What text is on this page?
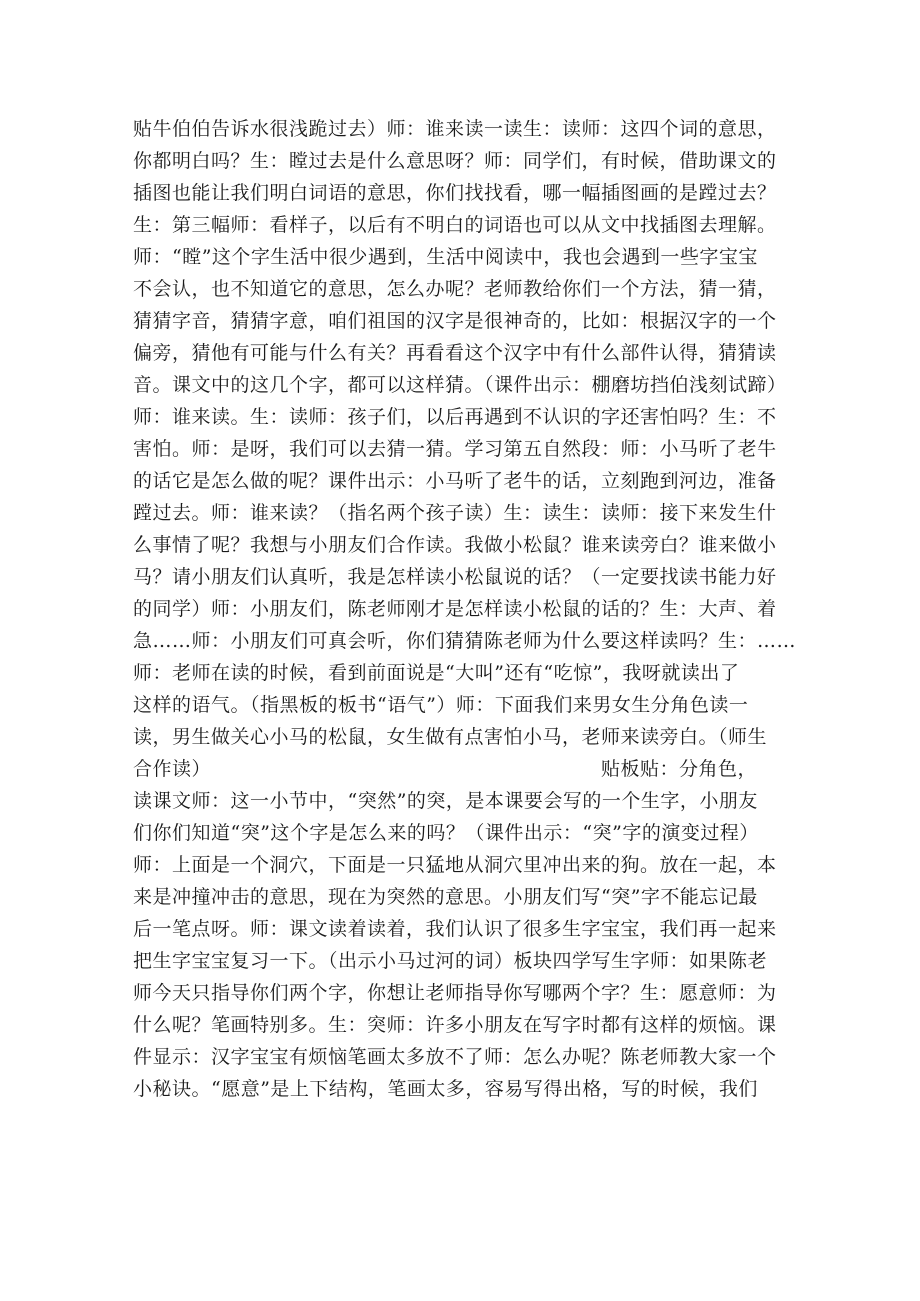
贴牛伯伯告诉水很浅跪过去）师：谁来读一读生：读师：这四个词的意思，
你都明白吗？生：瞠过去是什么意思呀？师：同学们，有时候，借助课文的
插图也能让我们明白词语的意思，你们找找看，哪一幅插图画的是蹚过去？
生：第三幅师：看样子，以后有不明白的词语也可以从文中找插图去理解。
师：“瞠”这个字生活中很少遇到，生活中阅读中，我也会遇到一些字宝宝
不会认，也不知道它的意思，怎么办呢？老师教给你们一个方法，猜一猜，
猜猜字音，猜猜字意，咱们祖国的汉字是很神奇的，比如：根据汉字的一个
偏旁，猜他有可能与什么有关？再看看这个汉字中有什么部件认得，猜猜读
音。课文中的这几个字，都可以这样猜。（课件出示：棚磨坊挡伯浅刻试蹄）
师：谁来读。生：读师：孩子们，以后再遇到不认识的字还害怕吗？生：不
害怕。师：是呀，我们可以去猜一猜。学习第五自然段：师：小马听了老牛
的话它是怎么做的呢？课件出示：小马听了老牛的话，立刻跑到河边，准备
蹚过去。师：谁来读？（指名两个孩子读）生：读生：读师：接下来发生什
么事情了呢？我想与小朋友们合作读。我做小松鼠？谁来读旁白？谁来做小
马？请小朋友们认真听，我是怎样读小松鼠说的话？（一定要找读书能力好
的同学）师：小朋友们，陈老师刚才是怎样读小松鼠的话的？生：大声、着
急……师：小朋友们可真会听，你们猜猜陈老师为什么要这样读吗？生：……
师：老师在读的时候，看到前面说是“大叫”还有“吃惊”，我呀就读出了
这样的语气。（指黑板的板书“语气”）师：下面我们来男女生分角色读一
读，男生做关心小马的松鼠，女生做有点害怕小马，老师来读旁白。（师生
合作读）	贴板贴：分角色，
读课文师：这一小节中，“突然”的突，是本课要会写的一个生字，小朋友
们你们知道“突”这个字是怎么来的吗？（课件出示：“突”字的演变过程）
师：上面是一个洞穴，下面是一只猛地从洞穴里冲出来的狗。放在一起，本
来是冲撞冲击的意思，现在为突然的意思。小朋友们写“突”字不能忘记最
后一笔点呀。师：课文读着读着，我们认识了很多生字宝宝，我们再一起来
把生字宝宝复习一下。（出示小马过河的词）板块四学写生字师：如果陈老
师今天只指导你们两个字，你想让老师指导你写哪两个字？生：愿意师：为
什么呢？笔画特别多。生：突师：许多小朋友在写字时都有这样的烦恼。课
件显示：汉字宝宝有烦恼笔画太多放不了师：怎么办呢？陈老师教大家一个
小秘诀。“愿意”是上下结构，笔画太多，容易写得出格，写的时候，我们
